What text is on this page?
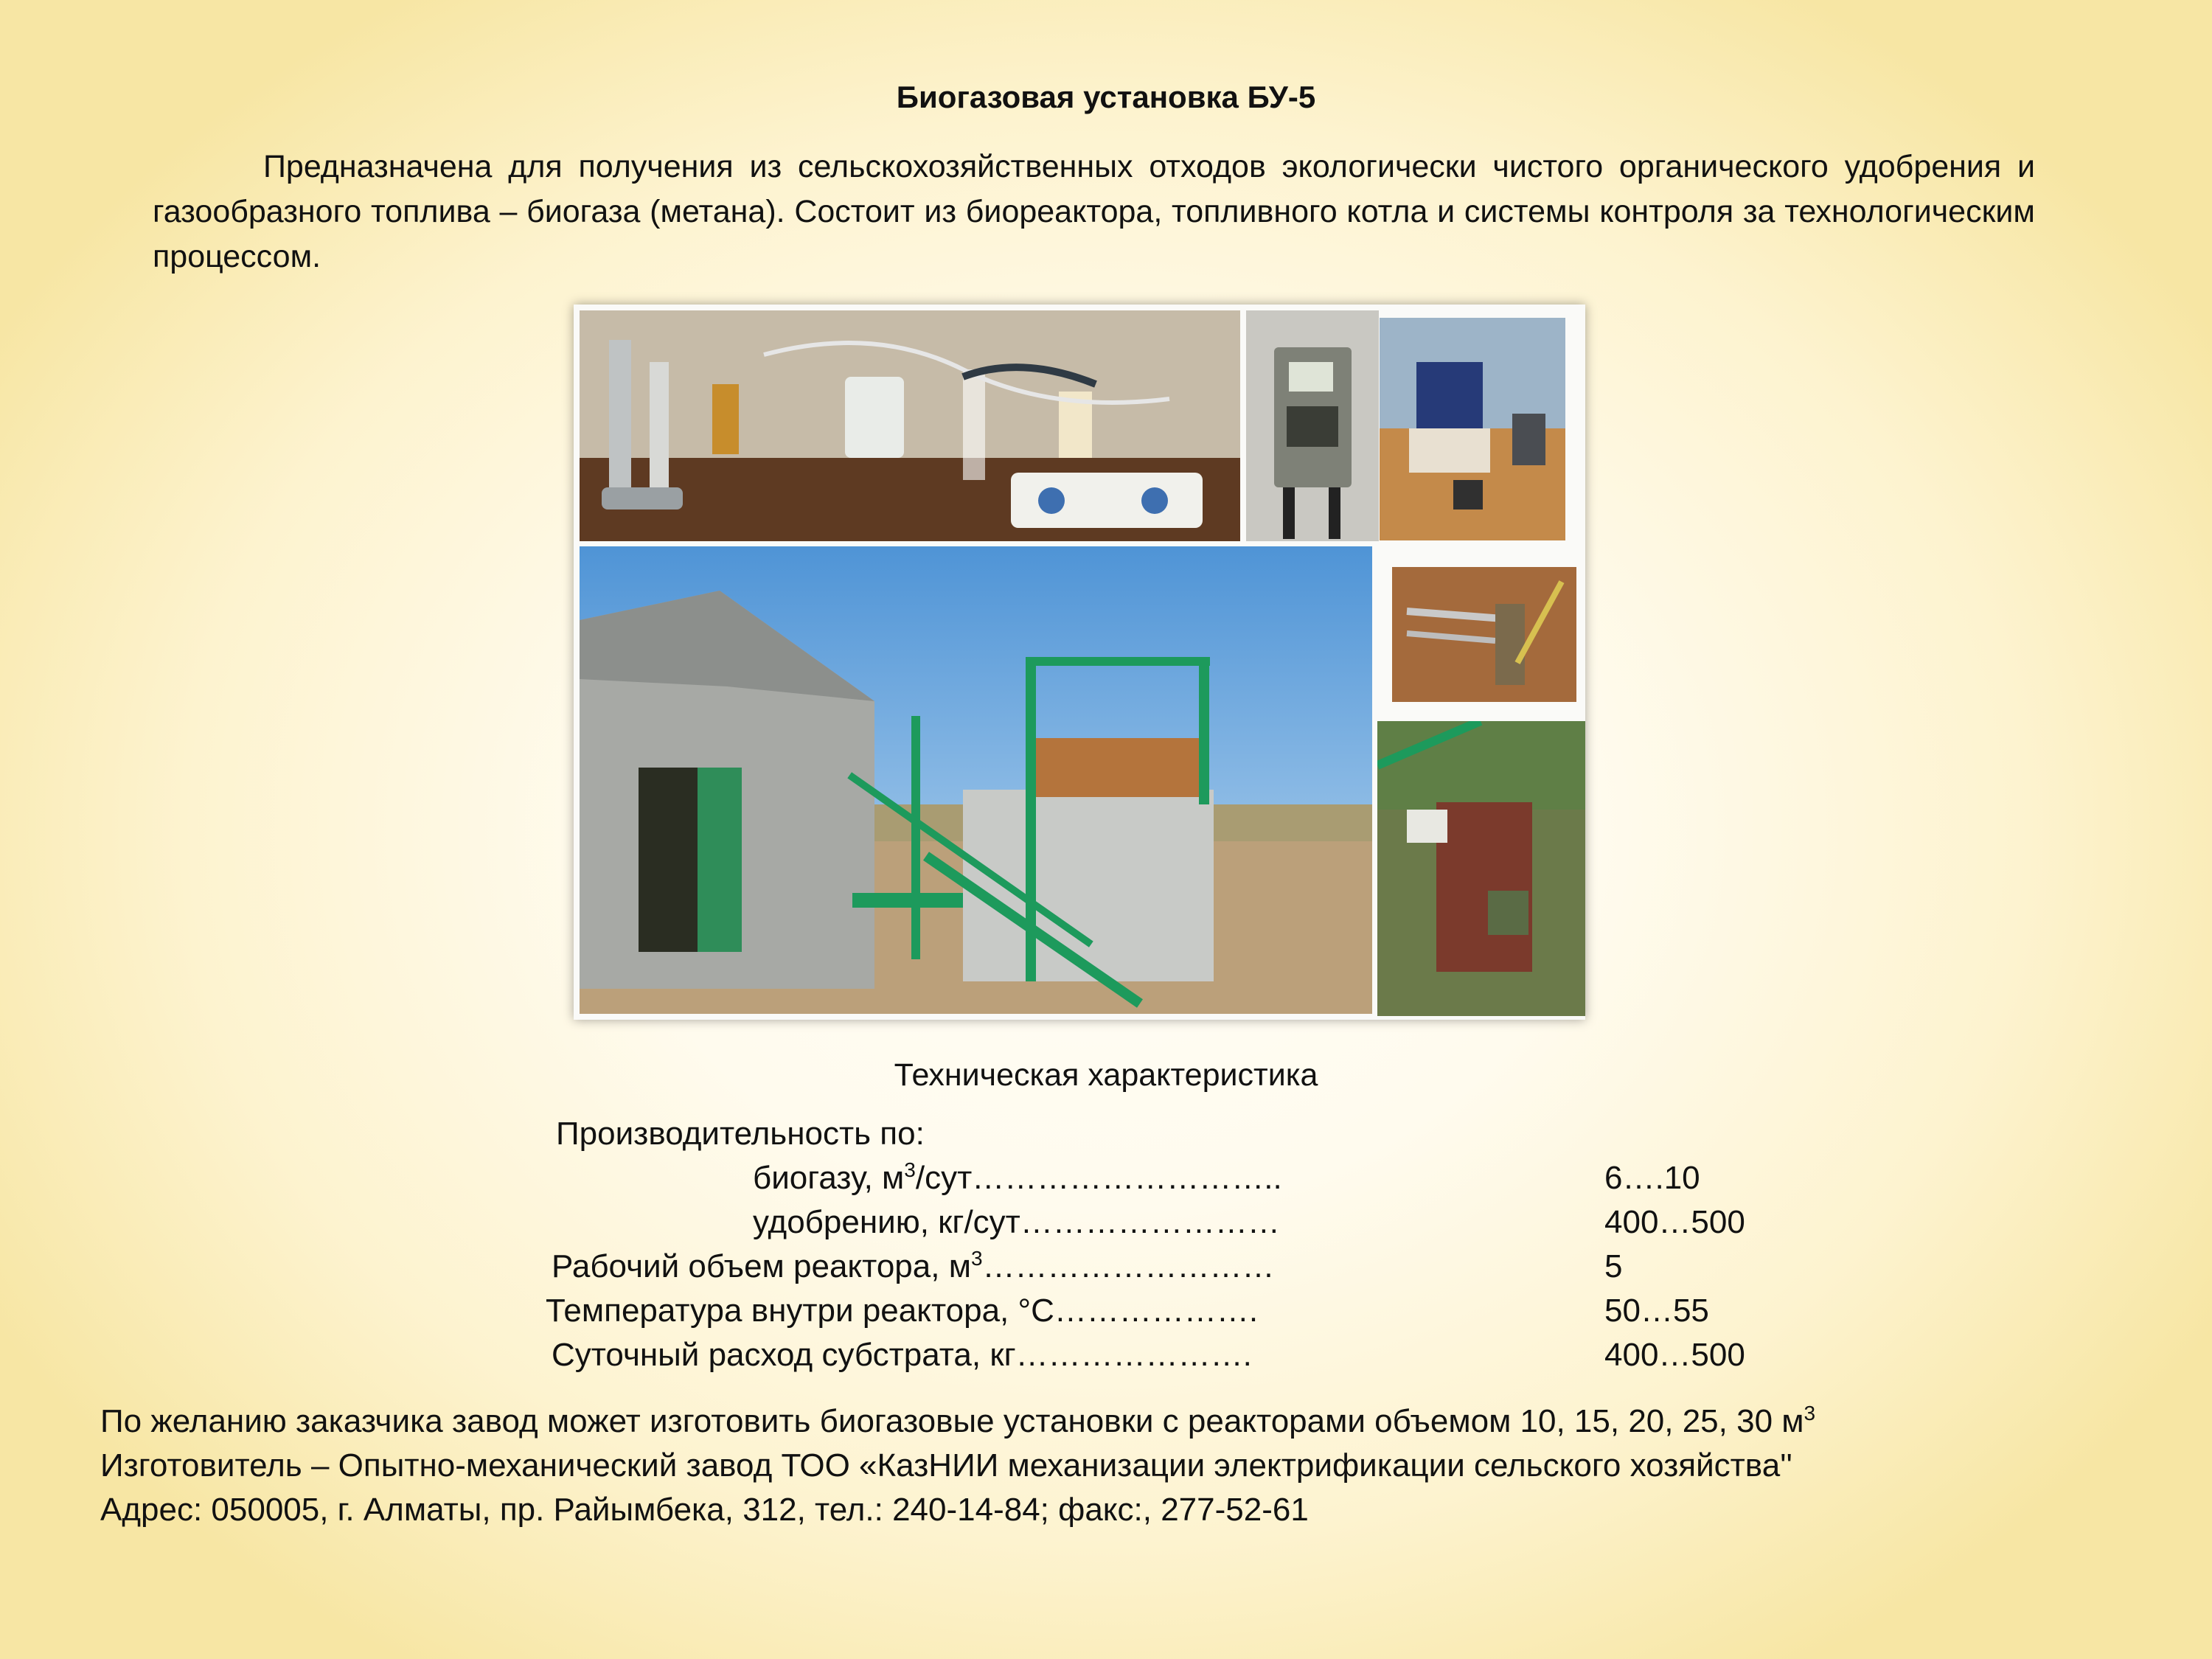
Биогазовая установка БУ-5

Предназначена для получения из сельскохозяйственных отходов экологически чистого органического удобрения и газообразного топлива – биогаза (метана). Состоит из биореактора, топливного котла и системы контроля за технологическим процессом.

Техническая характеристика
Производительность по:
биогазу, $м^3/сут\dots\dots\dots\dots\dots\dots\dots\dots\dots$..	6….10
удобрению, кг/сут……………………	400…500
Рабочий объем реактора, $м^3\dots\dots\dots\dots\dots\dots\dots\dots\dots$	5
Температура внутри реактора, °С……………….	50…55
Суточный расход субстрата, кг………………….	400…500
По желанию заказчика завод может изготовить биогазовые установки с реакторами объемом 10, 15, 20, 25, 30 $м^3$
Изготовитель – Опытно-механический завод ТОО «КазНИИ механизации электрификации сельского хозяйства''
Адрес: 050005, г. Алматы, пр. Райымбека, 312, тел.: 240-14-84; факс:, 277-52-61
